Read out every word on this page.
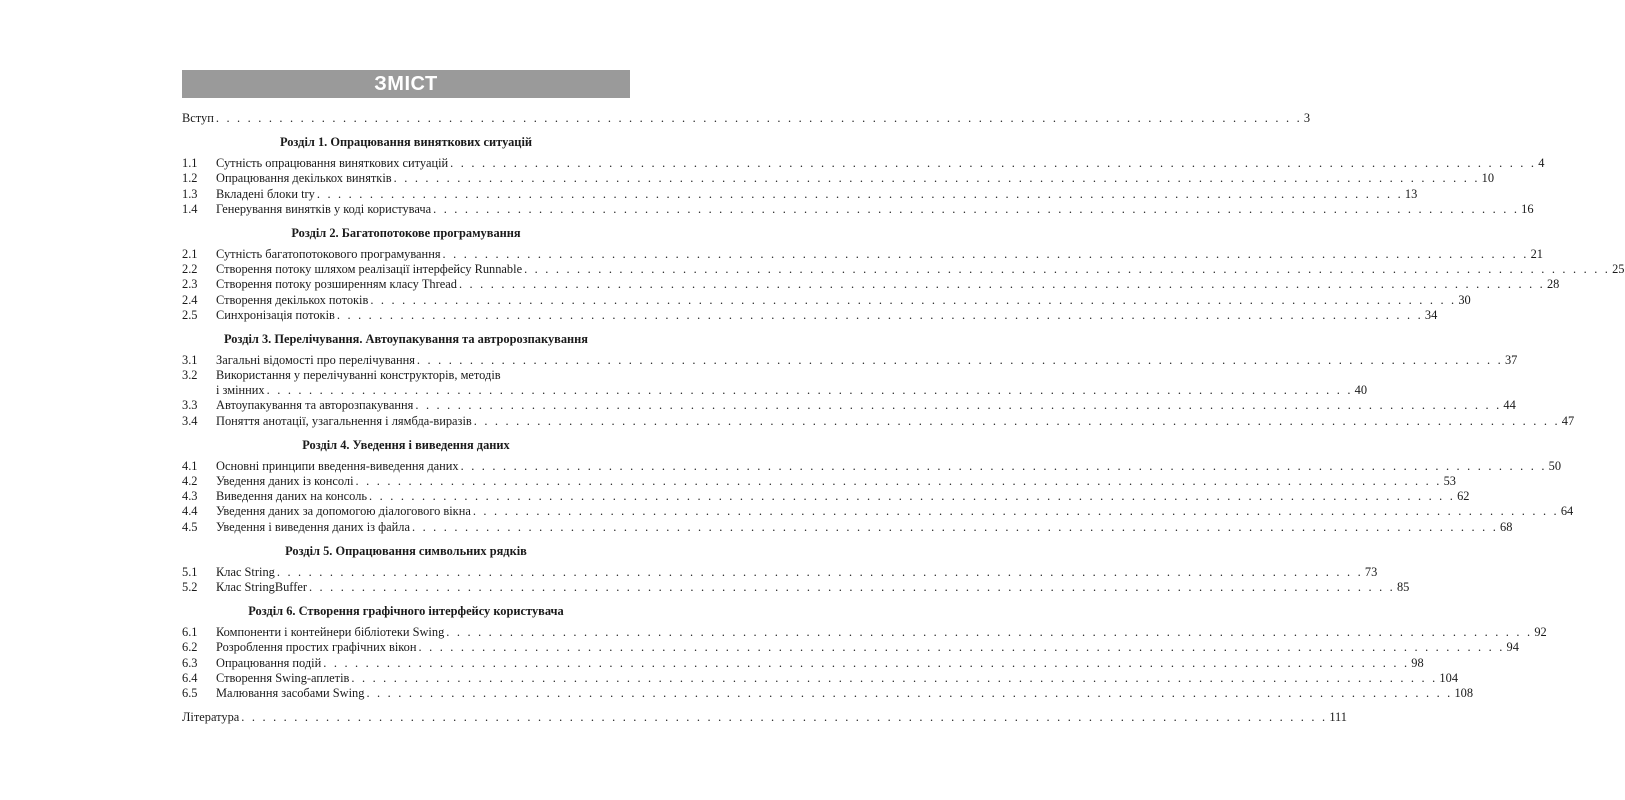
ЗМІСТ
Вступ . . .	3
Розділ 1. Опрацювання виняткових ситуацій
1.1	Сутність опрацювання виняткових ситуацій . . .	4
1.2	Опрацювання декількох винятків . . .	10
1.3	Вкладені блоки try . . .	13
1.4	Генерування винятків у коді користувача . . .	16
Розділ 2. Багатопотокове програмування
2.1	Сутність багатопотокового програмування . . .	21
2.2	Створення потоку шляхом реалізації інтерфейсу Runnable . . .	25
2.3	Створення потоку розширенням класу Thread . . .	28
2.4	Створення декількох потоків . . .	30
2.5	Синхронізація потоків . . .	34
Розділ 3. Перелічування. Автоупакування та автророзпакування
3.1	Загальні відомості про перелічування . . .	37
3.2	Використання у перелічуванні конструкторів, методів
і змінних . . .	40
3.3	Автоупакування та авторозпакування . . .	44
3.4	Поняття анотації, узагальнення і лямбда-виразів . . .	47
Розділ 4. Уведення і виведення даних
4.1	Основні принципи введення-виведення даних . . .	50
4.2	Уведення даних із консолі . . .	53
4.3	Виведення даних на консоль . . .	62
4.4	Уведення даних за допомогою діалогового вікна . . .	64
4.5	Уведення і виведення даних із файла . . .	68
Розділ 5. Опрацювання символьних рядків
5.1	Клас String . . .	73
5.2	Клас StringBuffer . . .	85
Розділ 6. Створення графічного інтерфейсу користувача
6.1	Компоненти і контейнери бібліотеки Swing . . .	92
6.2	Розроблення простих графічних вікон . . .	94
6.3	Опрацювання подій . . .	98
6.4	Створення Swing-аплетів . . .	104
6.5	Малювання засобами Swing . . .	108
Література . . .	111
